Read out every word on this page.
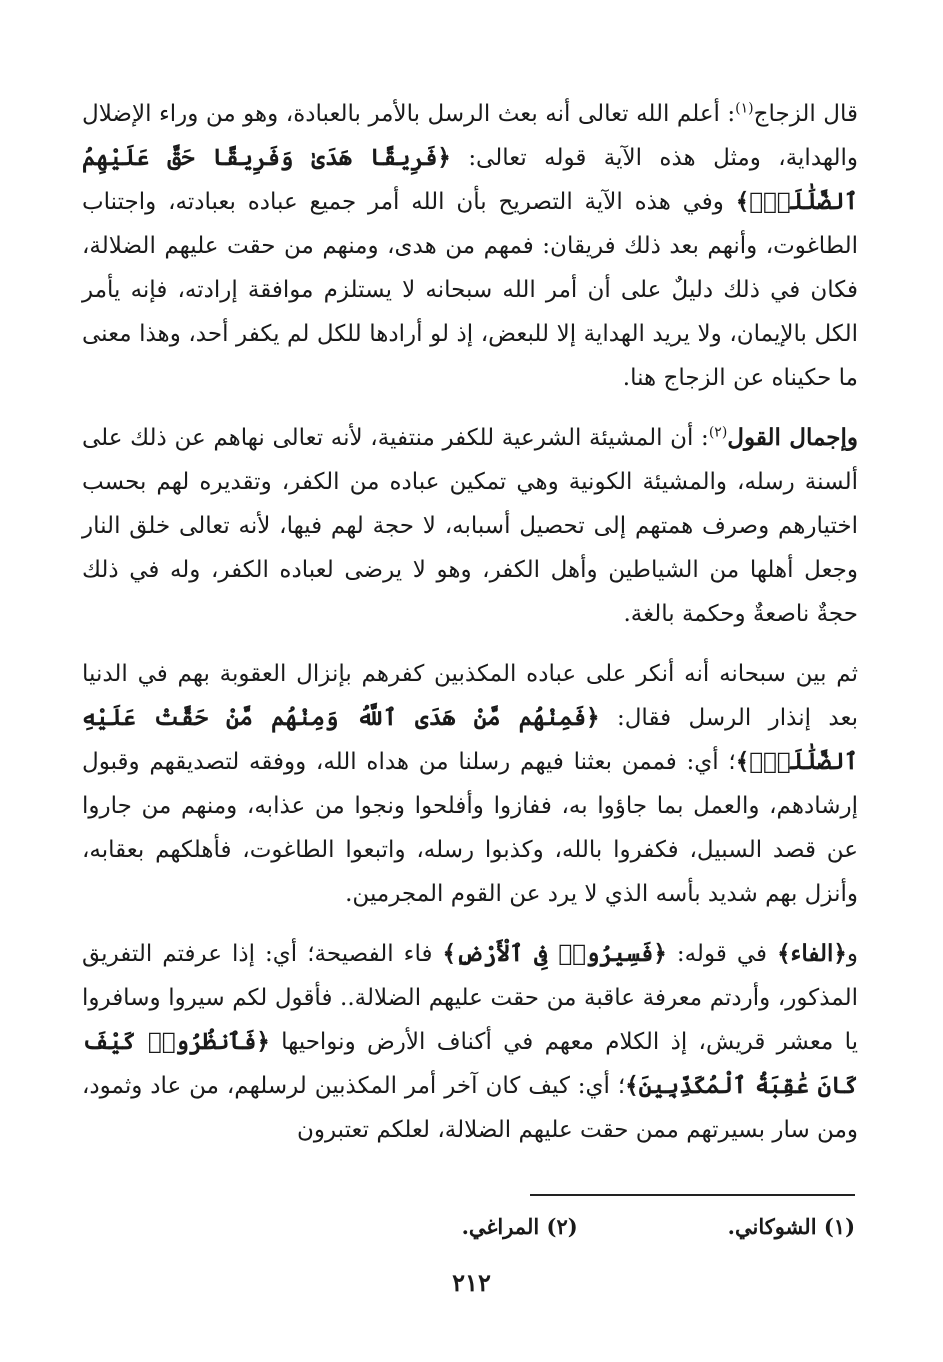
قال الزجاج$^{(١)}$: أعلم الله تعالى أنه بعث الرسل بالأمر بالعبادة، وهو من وراء الإضلال والهداية، ومثل هذه الآية قوله تعالى: ﴿فَرِيقًا هَدَىٰ وَفَرِيقًا حَقَّ عَلَيْهِمُ ٱلضَّلَٰلَةُۚ﴾ وفي هذه الآية التصريح بأن الله أمر جميع عباده بعبادته، واجتناب الطاغوت، وأنهم بعد ذلك فريقان: فمهم من هدى، ومنهم من حقت عليهم الضلالة، فكان في ذلك دليلٌ على أن أمر الله سبحانه لا يستلزم موافقة إرادته، فإنه يأمر الكل بالإيمان، ولا يريد الهداية إلا للبعض، إذ لو أرادها للكل لم يكفر أحد، وهذا معنى ما حكيناه عن الزجاج هنا.

وإجمال القول$^{(٢)}$: أن المشيئة الشرعية للكفر منتفية، لأنه تعالى نهاهم عن ذلك على ألسنة رسله، والمشيئة الكونية وهي تمكين عباده من الكفر، وتقديره لهم بحسب اختيارهم وصرف همتهم إلى تحصيل أسبابه، لا حجة لهم فيها، لأنه تعالى خلق النار وجعل أهلها من الشياطين وأهل الكفر، وهو لا يرضى لعباده الكفر، وله في ذلك حجةٌ ناصعةٌ وحكمة بالغة.

ثم بين سبحانه أنه أنكر على عباده المكذبين كفرهم بإنزال العقوبة بهم في الدنيا بعد إنذار الرسل فقال: ﴿فَمِنْهُم مَّنْ هَدَى ٱللَّهُ وَمِنْهُم مَّنْ حَقَّتْ عَلَيْهِ ٱلضَّلَٰلَةُۚ﴾؛ أي: فممن بعثنا فيهم رسلنا من هداه الله، ووفقه لتصديقهم وقبول إرشادهم، والعمل بما جاؤوا به، ففازوا وأفلحوا ونجوا من عذابه، ومنهم من جاروا عن قصد السبيل، فكفروا بالله، وكذبوا رسله، واتبعوا الطاغوت، فأهلكهم بعقابه، وأنزل بهم شديد بأسه الذي لا يرد عن القوم المجرمين.

و﴿الفاء﴾ في قوله: ﴿فَسِيرُوا۟ فِى ٱلْأَرْضِ﴾ فاء الفصيحة؛ أي: إذا عرفتم التفريق المذكور، وأردتم معرفة عاقبة من حقت عليهم الضلالة.. فأقول لكم سيروا وسافروا يا معشر قريش، إذ الكلام معهم في أكناف الأرض ونواحيها ﴿فَٱنظُرُوا۟ كَيْفَ كَانَ عَٰقِبَةُ ٱلْمُكَذِّبِينَ﴾؛ أي: كيف كان آخر أمر المكذبين لرسلهم، من عاد وثمود، ومن سار بسيرتهم ممن حقت عليهم الضلالة، لعلكم تعتبرون

(١) الشوكاني.
(٢) المراغي.
٢١٢
